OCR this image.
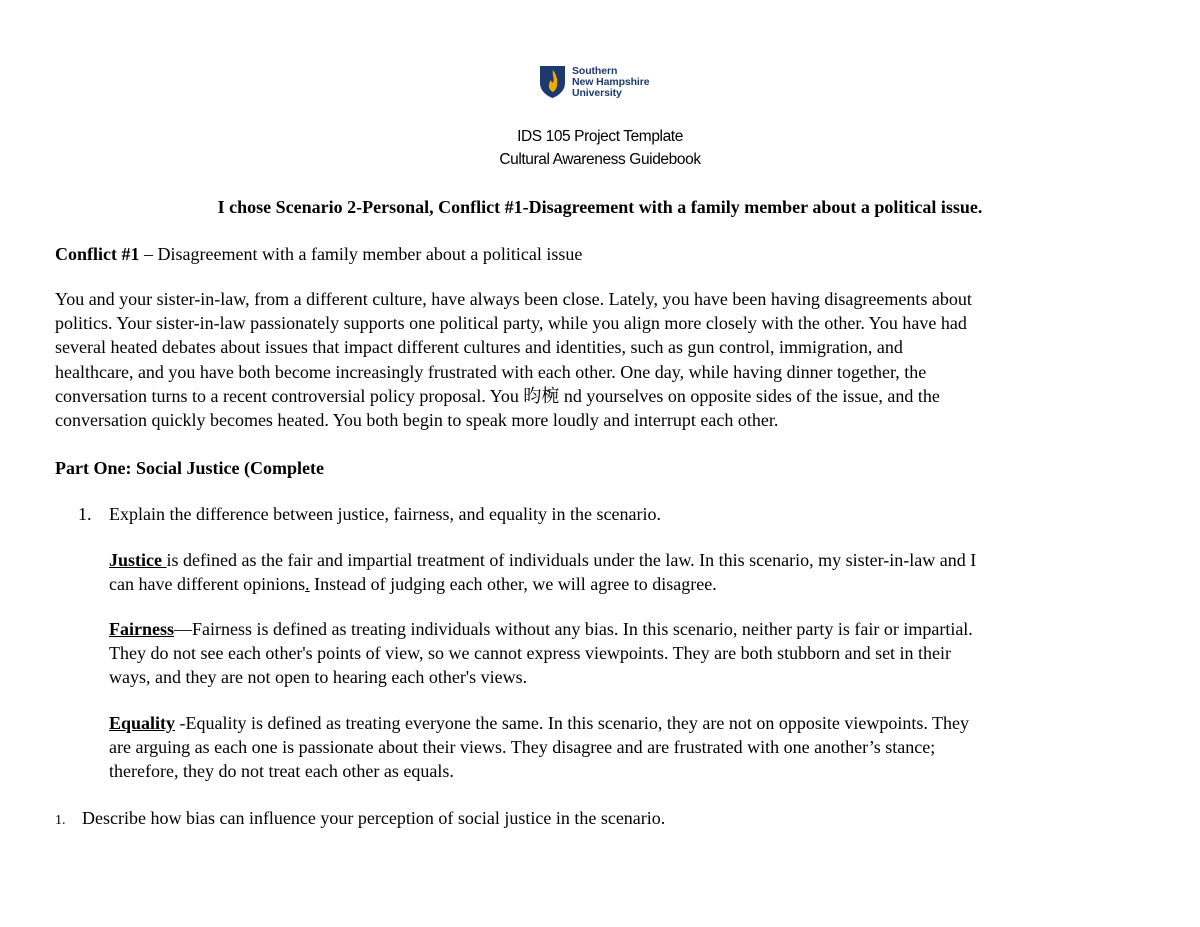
Southern
New Hampshire
University
IDS 105 Project Template
Cultural Awareness Guidebook
I chose Scenario 2-Personal, Conflict #1-Disagreement with a family member about a political issue.
Conflict #1 – Disagreement with a family member about a political issue
You and your sister-in-law, from a different culture, have always been close. Lately, you have been having disagreements about
politics. Your sister-in-law passionately supports one political party, while you align more closely with the other. You have had
several heated debates about issues that impact different cultures and identities, such as gun control, immigration, and
healthcare, and you have both become increasingly frustrated with each other. One day, while having dinner together, the
conversation turns to a recent controversial policy proposal. You 昀椀 nd yourselves on opposite sides of the issue, and the
conversation quickly becomes heated. You both begin to speak more loudly and interrupt each other.
Part One: Social Justice (Complete
1. Explain the difference between justice, fairness, and equality in the scenario.
Justice is defined as the fair and impartial treatment of individuals under the law. In this scenario, my sister-in-law and I
can have different opinions. Instead of judging each other, we will agree to disagree.
Fairness—Fairness is defined as treating individuals without any bias. In this scenario, neither party is fair or impartial.
They do not see each other's points of view, so we cannot express viewpoints. They are both stubborn and set in their
ways, and they are not open to hearing each other's views.
Equality -Equality is defined as treating everyone the same. In this scenario, they are not on opposite viewpoints. They
are arguing as each one is passionate about their views. They disagree and are frustrated with one another’s stance;
therefore, they do not treat each other as equals.
1. Describe how bias can influence your perception of social justice in the scenario.
